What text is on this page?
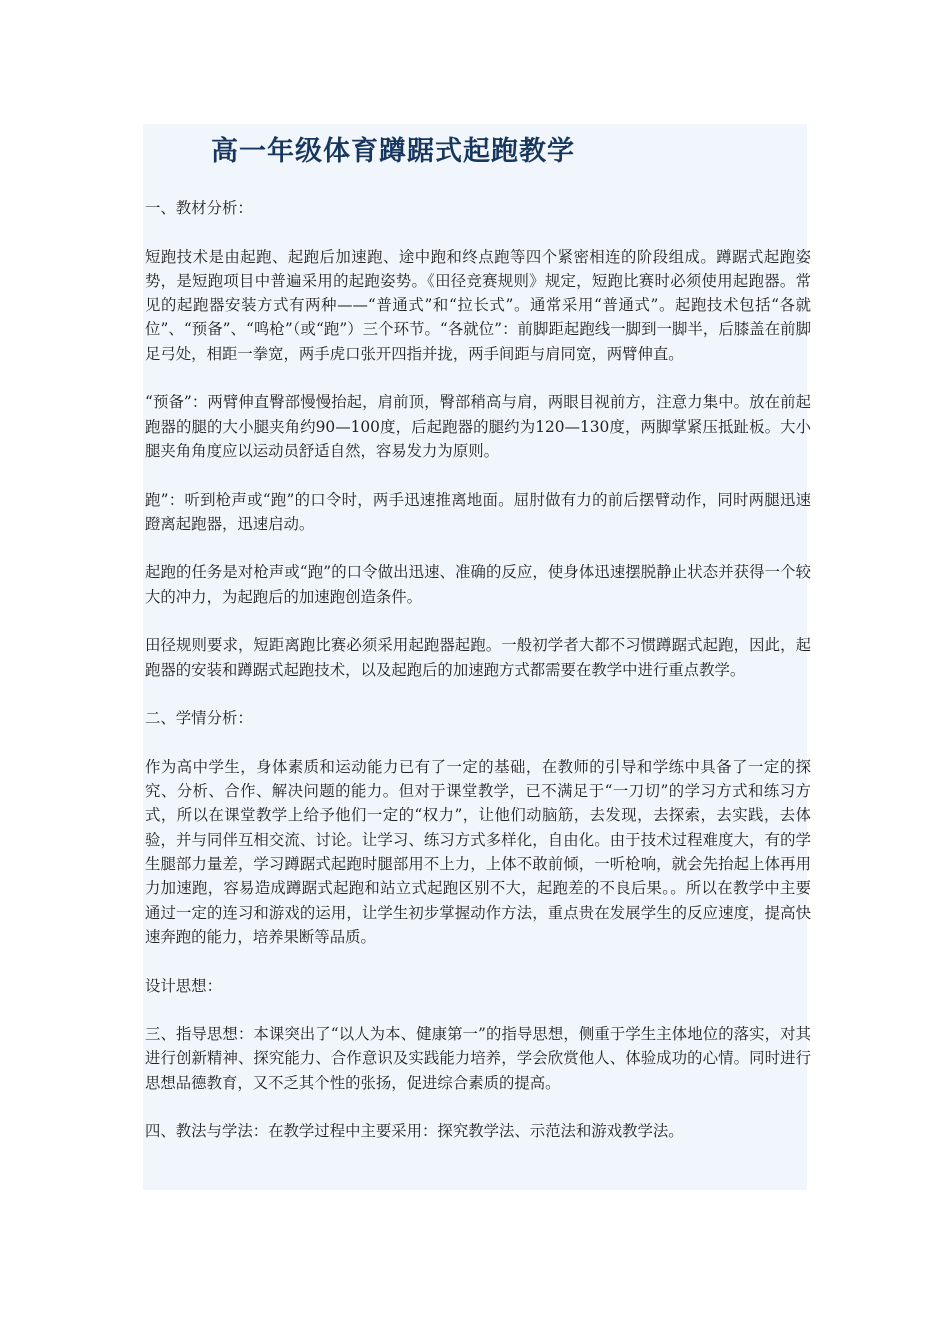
高一年级体育蹲踞式起跑教学

一、教材分析：

短跑技术是由起跑、起跑后加速跑、途中跑和终点跑等四个紧密相连的阶段组成。蹲踞式起跑姿势，是短跑项目中普遍采用的起跑姿势。《田径竞赛规则》规定，短跑比赛时必须使用起跑器。常见的起跑器安装方式有两种——“普通式”和“拉长式”。通常采用“普通式”。起跑技术包括“各就位”、“预备”、“鸣枪”（或“跑”）三个环节。“各就位”：前脚距起跑线一脚到一脚半，后膝盖在前脚足弓处，相距一拳宽，两手虎口张开四指并拢，两手间距与肩同宽，两臂伸直。

“预备”：两臂伸直臀部慢慢抬起，肩前顶，臀部稍高与肩，两眼目视前方，注意力集中。放在前起跑器的腿的大小腿夹角约90—100度，后起跑器的腿约为120—130度，两脚掌紧压抵趾板。大小腿夹角角度应以运动员舒适自然，容易发力为原则。

跑”：听到枪声或“跑”的口令时，两手迅速推离地面。屈肘做有力的前后摆臂动作，同时两腿迅速蹬离起跑器，迅速启动。

起跑的任务是对枪声或“跑”的口令做出迅速、准确的反应，使身体迅速摆脱静止状态并获得一个较大的冲力，为起跑后的加速跑创造条件。

田径规则要求，短距离跑比赛必须采用起跑器起跑。一般初学者大都不习惯蹲踞式起跑，因此，起跑器的安装和蹲踞式起跑技术，以及起跑后的加速跑方式都需要在教学中进行重点教学。

二、学情分析：

作为高中学生，身体素质和运动能力已有了一定的基础，在教师的引导和学练中具备了一定的探究、分析、合作、解决问题的能力。但对于课堂教学，已不满足于“一刀切”的学习方式和练习方式，所以在课堂教学上给予他们一定的“权力”，让他们动脑筋，去发现，去探索，去实践，去体验，并与同伴互相交流、讨论。让学习、练习方式多样化，自由化。由于技术过程难度大，有的学生腿部力量差，学习蹲踞式起跑时腿部用不上力，上体不敢前倾，一听枪响，就会先抬起上体再用力加速跑，容易造成蹲踞式起跑和站立式起跑区别不大，起跑差的不良后果。。所以在教学中主要通过一定的连习和游戏的运用，让学生初步掌握动作方法，重点贵在发展学生的反应速度，提高快速奔跑的能力，培养果断等品质。

设计思想：

三、指导思想：本课突出了“以人为本、健康第一”的指导思想，侧重于学生主体地位的落实，对其进行创新精神、探究能力、合作意识及实践能力培养，学会欣赏他人、体验成功的心情。同时进行思想品德教育，又不乏其个性的张扬，促进综合素质的提高。

四、教法与学法：在教学过程中主要采用：探究教学法、示范法和游戏教学法。
